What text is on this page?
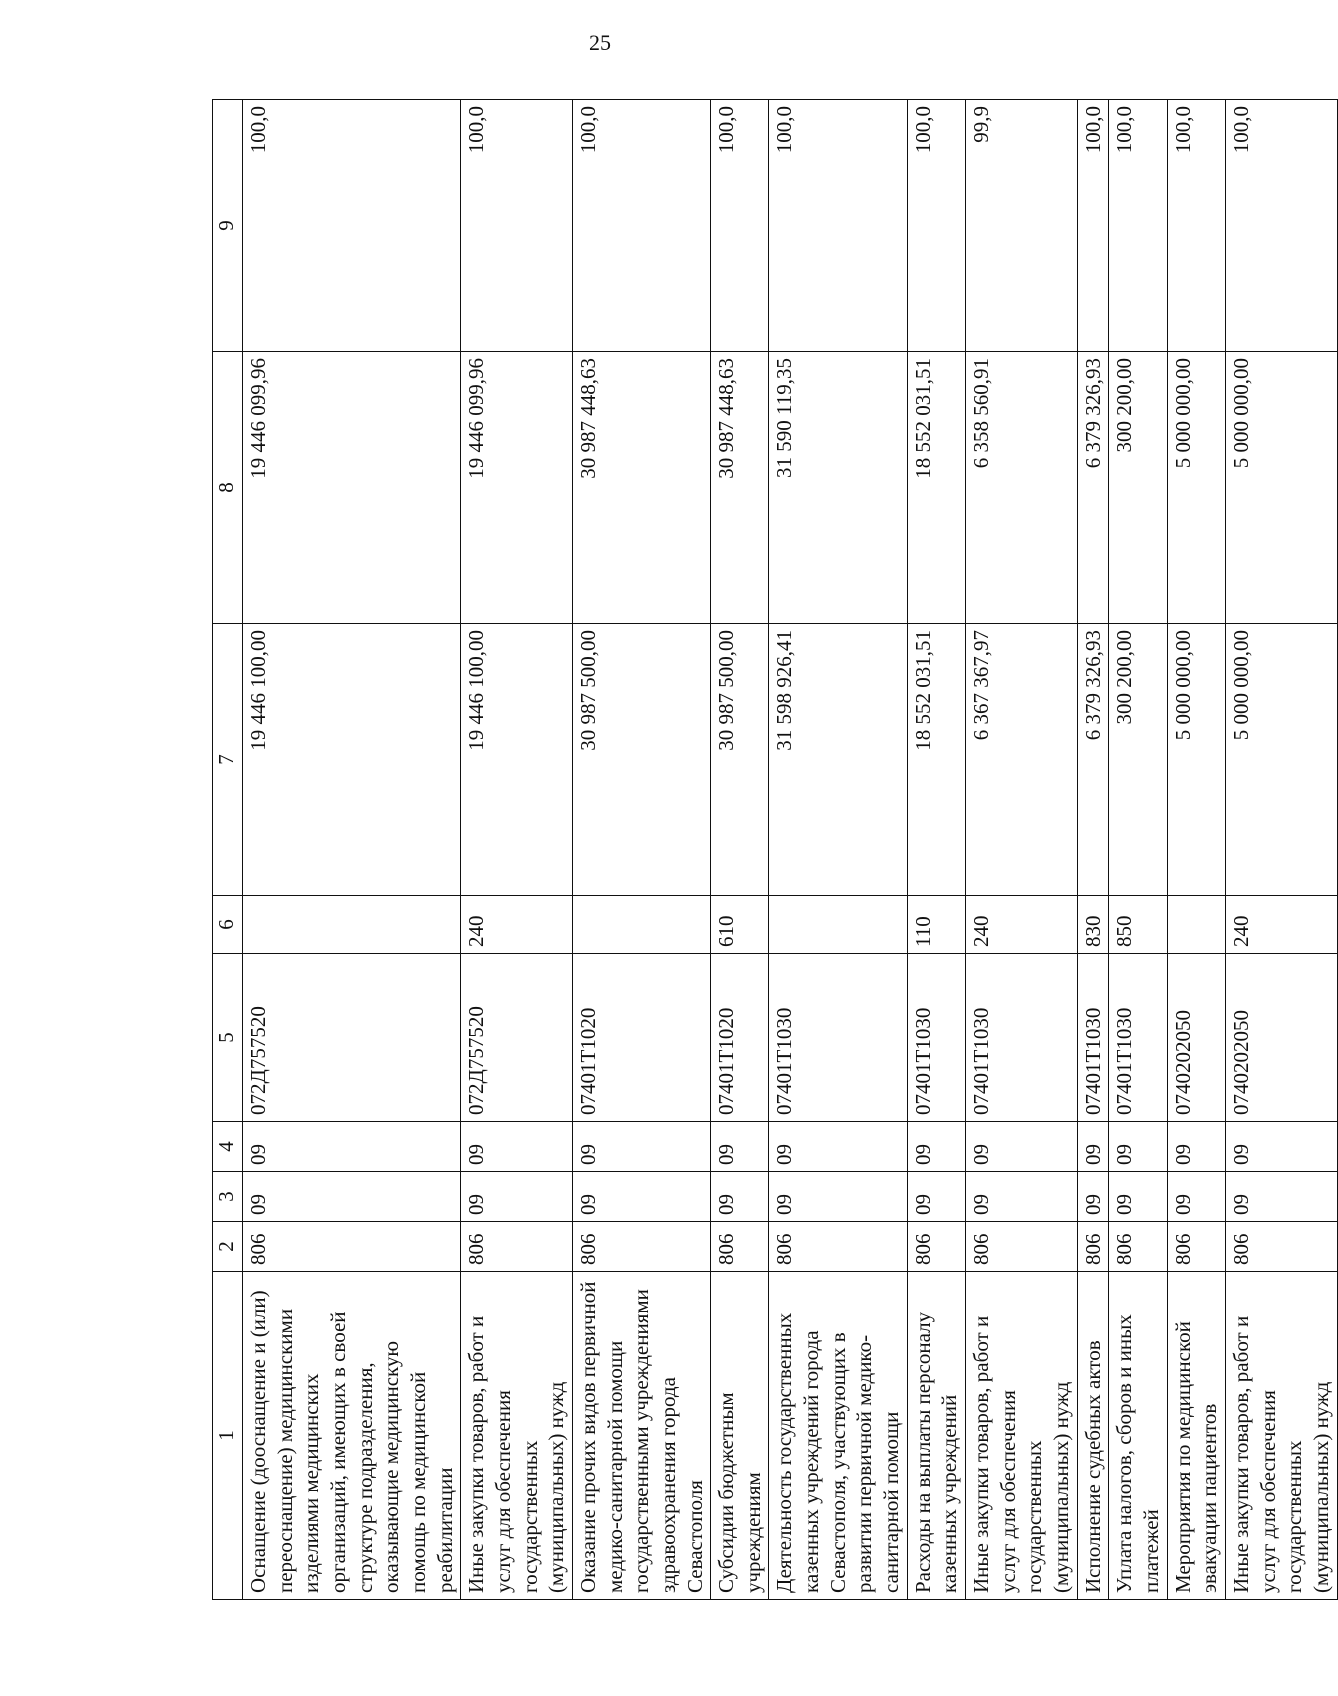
25
1	2	3	4	5	6	7	8	9
Оснащение (дооснащение и (или) переоснащение) медицинскими изделиями медицинских организаций, имеющих в своей структуре подразделения, оказывающие медицинскую помощь по медицинской реабилитации	806	09	09	072Д757520		19 446 100,00	19 446 099,96	100,0
Иные закупки товаров, работ и услуг для обеспечения государственных (муниципальных) нужд	806	09	09	072Д757520	240	19 446 100,00	19 446 099,96	100,0
Оказание прочих видов первичной медико-санитарной помощи государственными учреждениями здравоохранения города Севастополя	806	09	09	07401Т1020		30 987 500,00	30 987 448,63	100,0
Субсидии бюджетным учреждениям	806	09	09	07401Т1020	610	30 987 500,00	30 987 448,63	100,0
Деятельность государственных казенных учреждений города Севастополя, участвующих в развитии первичной медико-санитарной помощи	806	09	09	07401Т1030		31 598 926,41	31 590 119,35	100,0
Расходы на выплаты персоналу казенных учреждений	806	09	09	07401Т1030	110	18 552 031,51	18 552 031,51	100,0
Иные закупки товаров, работ и услуг для обеспечения государственных (муниципальных) нужд	806	09	09	07401Т1030	240	6 367 367,97	6 358 560,91	99,9
Исполнение судебных актов	806	09	09	07401Т1030	830	6 379 326,93	6 379 326,93	100,0
Уплата налогов, сборов и иных платежей	806	09	09	07401Т1030	850	300 200,00	300 200,00	100,0
Мероприятия по медицинской эвакуации пациентов	806	09	09	0740202050		5 000 000,00	5 000 000,00	100,0
Иные закупки товаров, работ и услуг для обеспечения государственных (муниципальных) нужд	806	09	09	0740202050	240	5 000 000,00	5 000 000,00	100,0
